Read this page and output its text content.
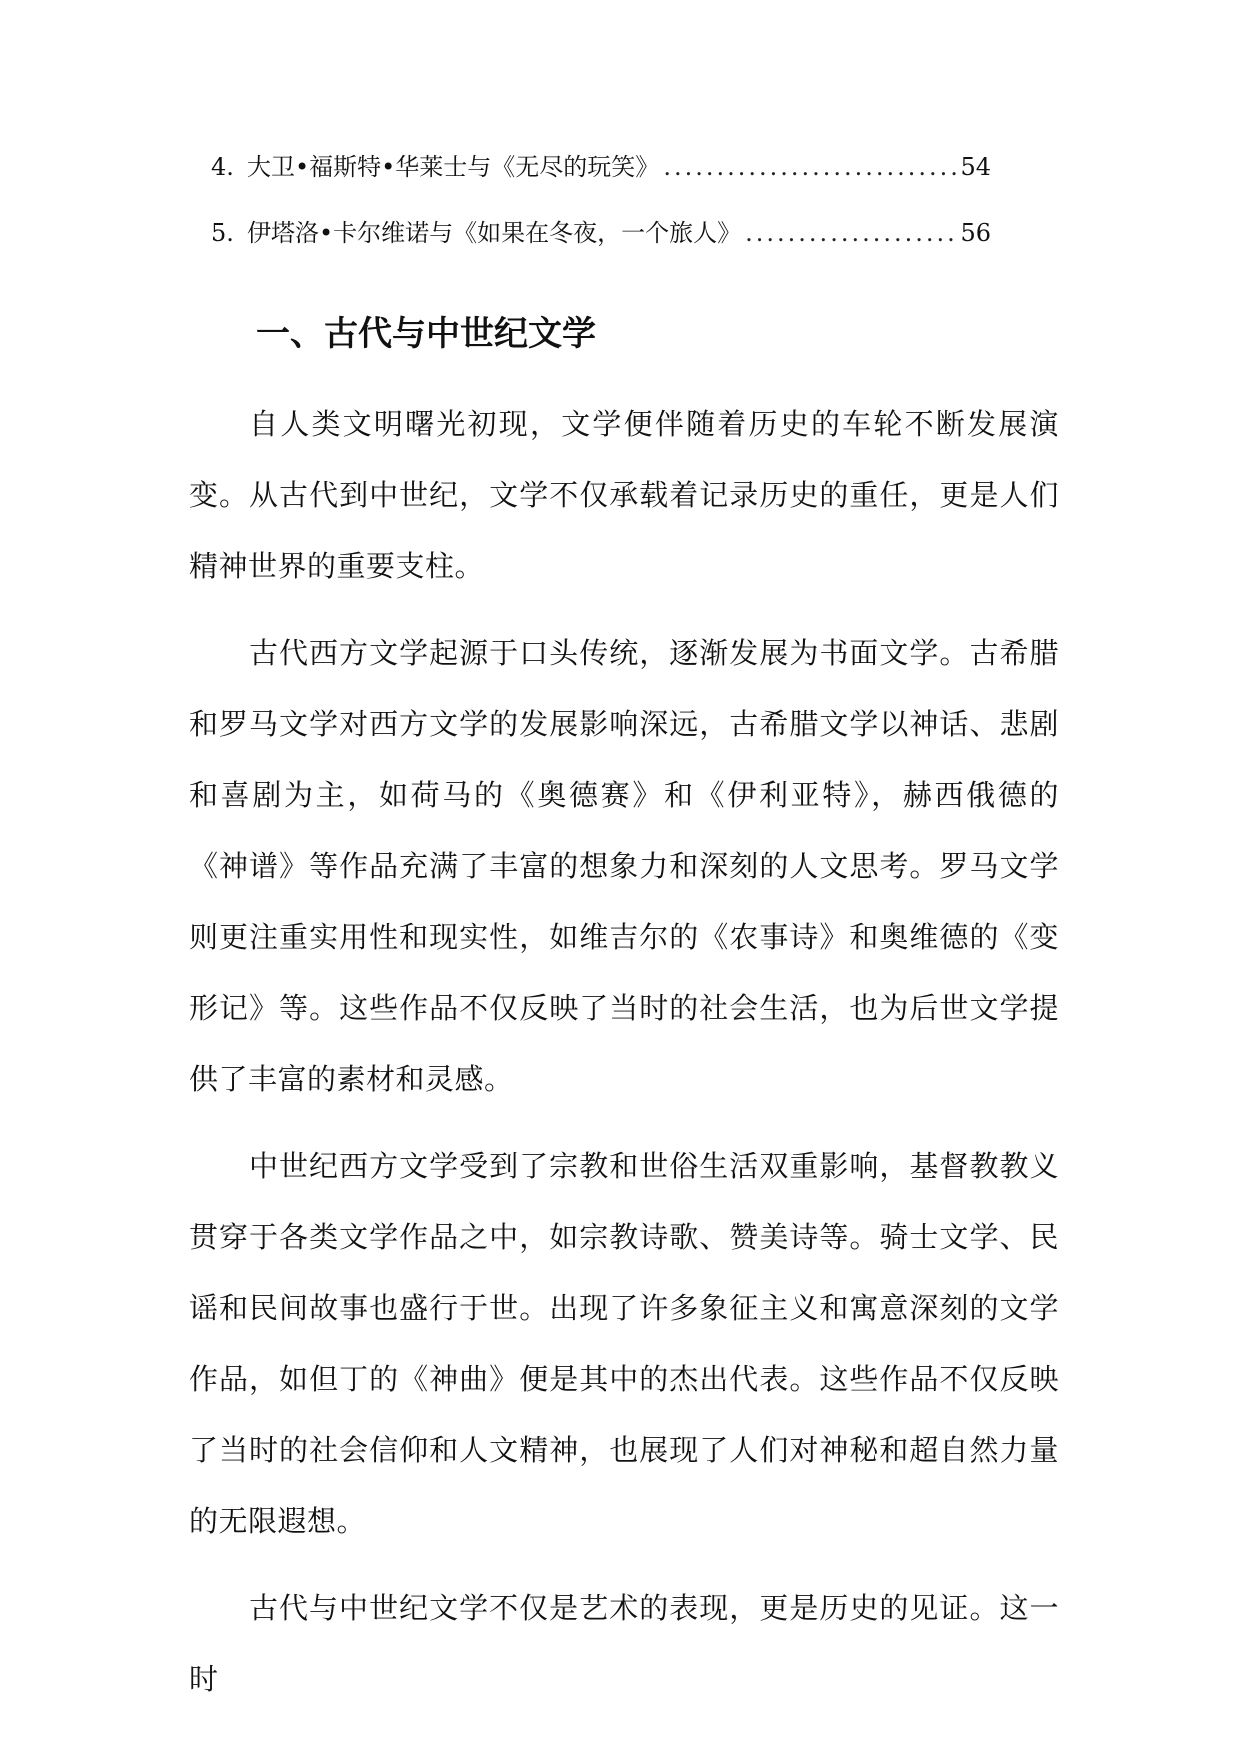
4. 大卫•福斯特•华莱士与《无尽的玩笑》 .....	54
5. 伊塔洛•卡尔维诺与《如果在冬夜，一个旅人》 .....	56
一、古代与中世纪文学

自人类文明曙光初现，文学便伴随着历史的车轮不断发展演变。从古代到中世纪，文学不仅承载着记录历史的重任，更是人们精神世界的重要支柱。

古代西方文学起源于口头传统，逐渐发展为书面文学。古希腊和罗马文学对西方文学的发展影响深远，古希腊文学以神话、悲剧和喜剧为主，如荷马的《奥德赛》和《伊利亚特》，赫西俄德的《神谱》等作品充满了丰富的想象力和深刻的人文思考。罗马文学则更注重实用性和现实性，如维吉尔的《农事诗》和奥维德的《变形记》等。这些作品不仅反映了当时的社会生活，也为后世文学提供了丰富的素材和灵感。

中世纪西方文学受到了宗教和世俗生活双重影响，基督教教义贯穿于各类文学作品之中，如宗教诗歌、赞美诗等。骑士文学、民谣和民间故事也盛行于世。出现了许多象征主义和寓意深刻的文学作品，如但丁的《神曲》便是其中的杰出代表。这些作品不仅反映了当时的社会信仰和人文精神，也展现了人们对神秘和超自然力量的无限遐想。

古代与中世纪文学不仅是艺术的表现，更是历史的见证。这一时
